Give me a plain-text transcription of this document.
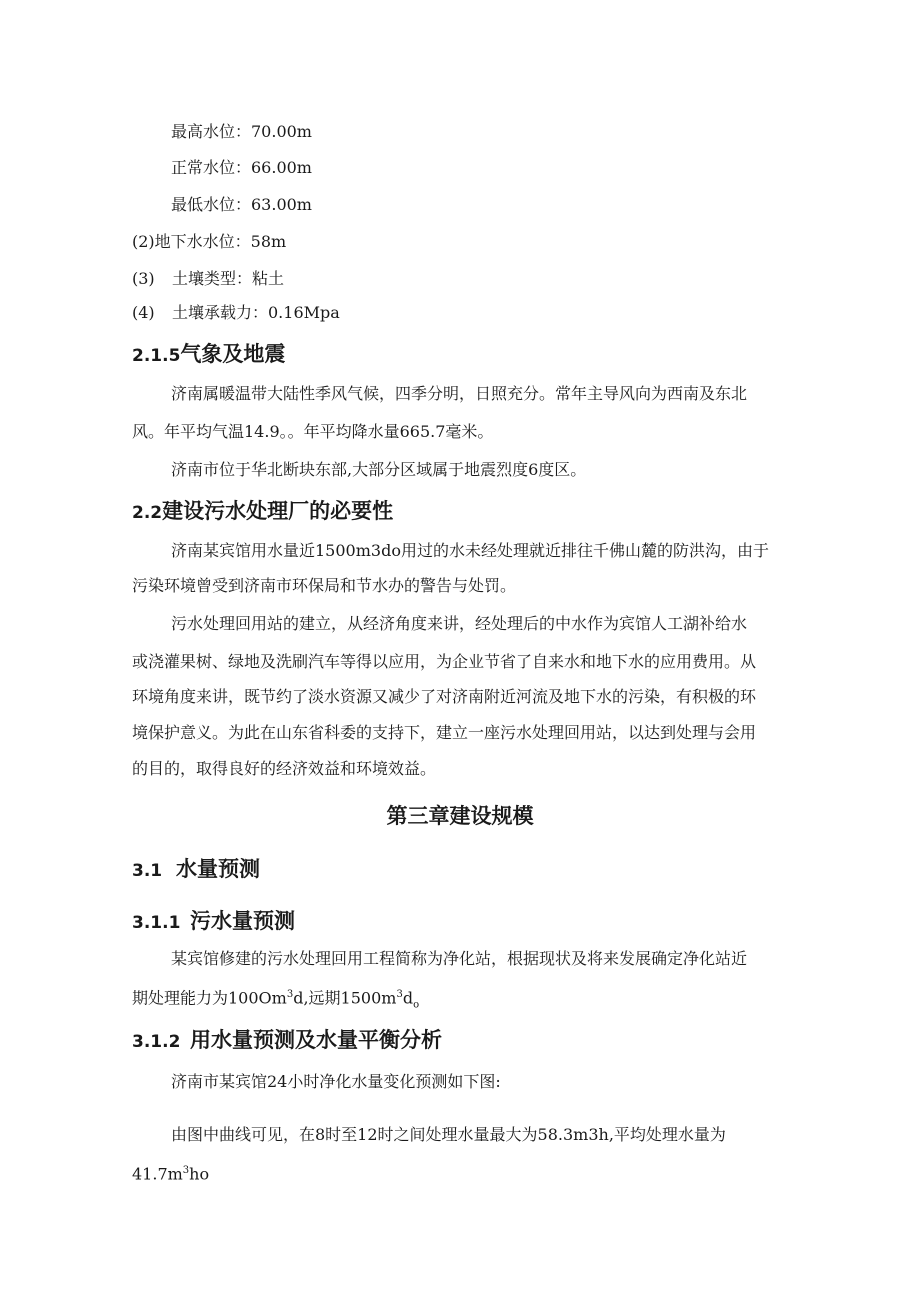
最高水位：70.00m

正常水位：66.00m

最低水位：63.00m

(2)地下水水位：58m

(3) 土壤类型：粘土

(4) 土壤承载力：0.16Mpa

2.1.5气象及地震

济南属暖温带大陆性季风气候，四季分明，日照充分。常年主导风向为西南及东北

风。年平均气温14.9。。年平均降水量665.7毫米。

济南市位于华北断块东部,大部分区域属于地震烈度6度区。

2.2建设污水处理厂的必要性

济南某宾馆用水量近1500m3do用过的水未经处理就近排往千佛山麓的防洪沟，由于

污染环境曾受到济南市环保局和节水办的警告与处罚。

污水处理回用站的建立，从经济角度来讲，经处理后的中水作为宾馆人工湖补给水

或浇灌果树、绿地及洗刷汽车等得以应用，为企业节省了自来水和地下水的应用费用。从

环境角度来讲，既节约了淡水资源又减少了对济南附近河流及地下水的污染，有积极的环

境保护意义。为此在山东省科委的支持下，建立一座污水处理回用站，以达到处理与会用

的目的，取得良好的经济效益和环境效益。

第三章建设规模
3.1 水量预测
3.1.1 污水量预测

某宾馆修建的污水处理回用工程简称为净化站，根据现状及将来发展确定净化站近

期处理能力为100Om$^3$d,远期$1500m^3d_o$

3.1.2 用水量预测及水量平衡分析

济南市某宾馆24小时净化水量变化预测如下图:

由图中曲线可见，在8时至12时之间处理水量最大为58.3m3h,平均处理水量为

$41.7m^3ho$
